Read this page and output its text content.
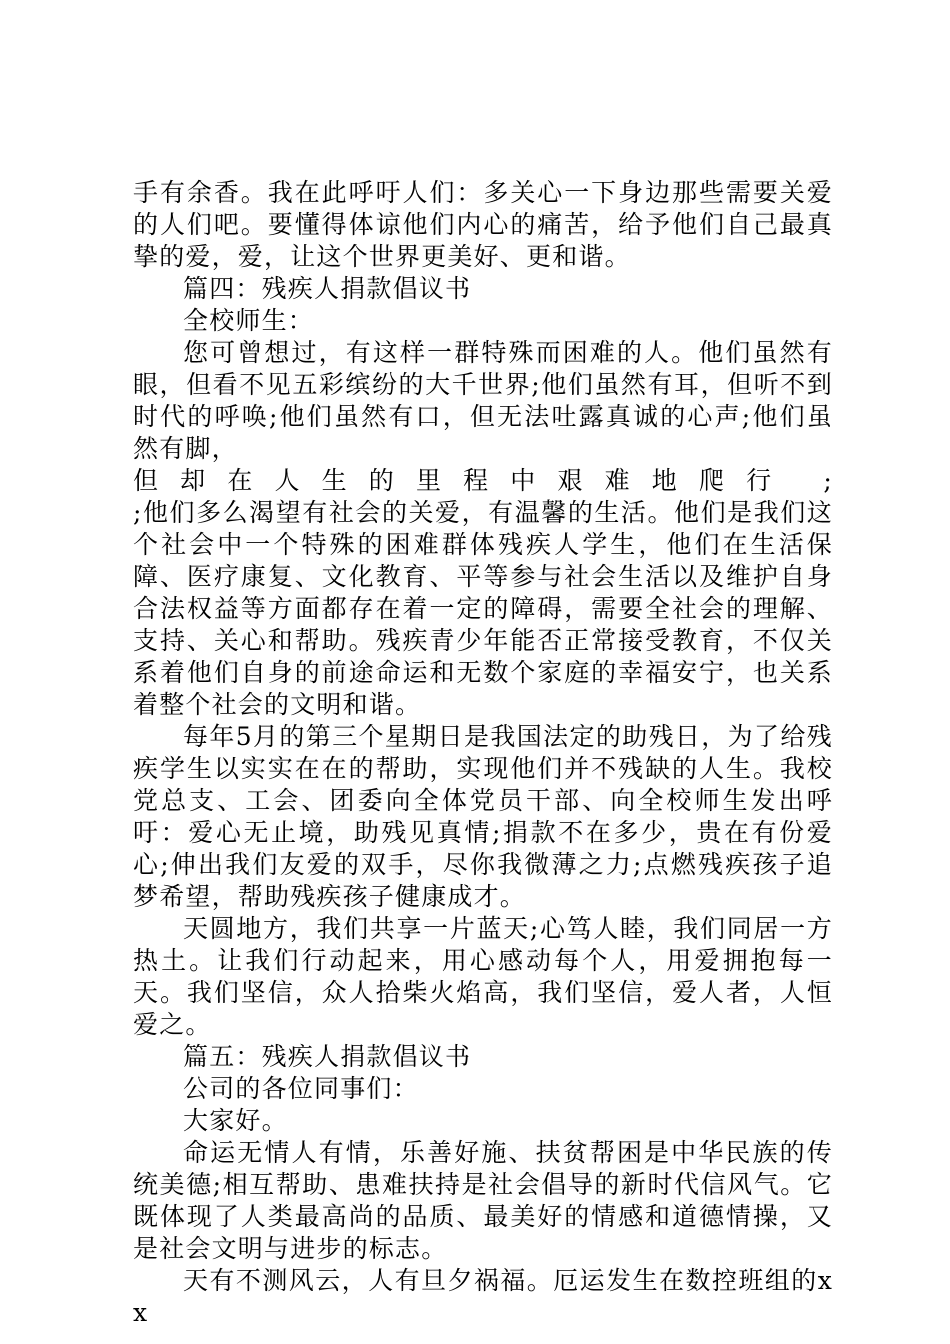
手有余香。我在此呼吁人们：多关心一下身边那些需要关爱的人们吧。要懂得体谅他们内心的痛苦，给予他们自己最真挚的爱，爱，让这个世界更美好、更和谐。

篇四：残疾人捐款倡议书

全校师生：

您可曾想过，有这样一群特殊而困难的人。他们虽然有眼，但看不见五彩缤纷的大千世界;他们虽然有耳，但听不到时代的呼唤;他们虽然有口，但无法吐露真诚的心声;他们虽然有脚，

但却在人生的里程中艰难地爬行 ;

;他们多么渴望有社会的关爱，有温馨的生活。他们是我们这个社会中一个特殊的困难群体残疾人学生，他们在生活保障、医疗康复、文化教育、平等参与社会生活以及维护自身合法权益等方面都存在着一定的障碍，需要全社会的理解、支持、关心和帮助。残疾青少年能否正常接受教育，不仅关系着他们自身的前途命运和无数个家庭的幸福安宁，也关系着整个社会的文明和谐。

每年5月的第三个星期日是我国法定的助残日，为了给残疾学生以实实在在的帮助，实现他们并不残缺的人生。我校党总支、工会、团委向全体党员干部、向全校师生发出呼吁：爱心无止境，助残见真情;捐款不在多少，贵在有份爱心;伸出我们友爱的双手，尽你我微薄之力;点燃残疾孩子追梦希望，帮助残疾孩子健康成才。

天圆地方，我们共享一片蓝天;心笃人睦，我们同居一方热土。让我们行动起来，用心感动每个人，用爱拥抱每一天。我们坚信，众人拾柴火焰高，我们坚信，爱人者，人恒爱之。

篇五：残疾人捐款倡议书

公司的各位同事们：

大家好。

命运无情人有情，乐善好施、扶贫帮困是中华民族的传统美德;相互帮助、患难扶持是社会倡导的新时代信风气。它既体现了人类最高尚的品质、最美好的情感和道德情操，又是社会文明与进步的标志。

天有不测风云，人有旦夕祸福。厄运发生在数控班组的xx
